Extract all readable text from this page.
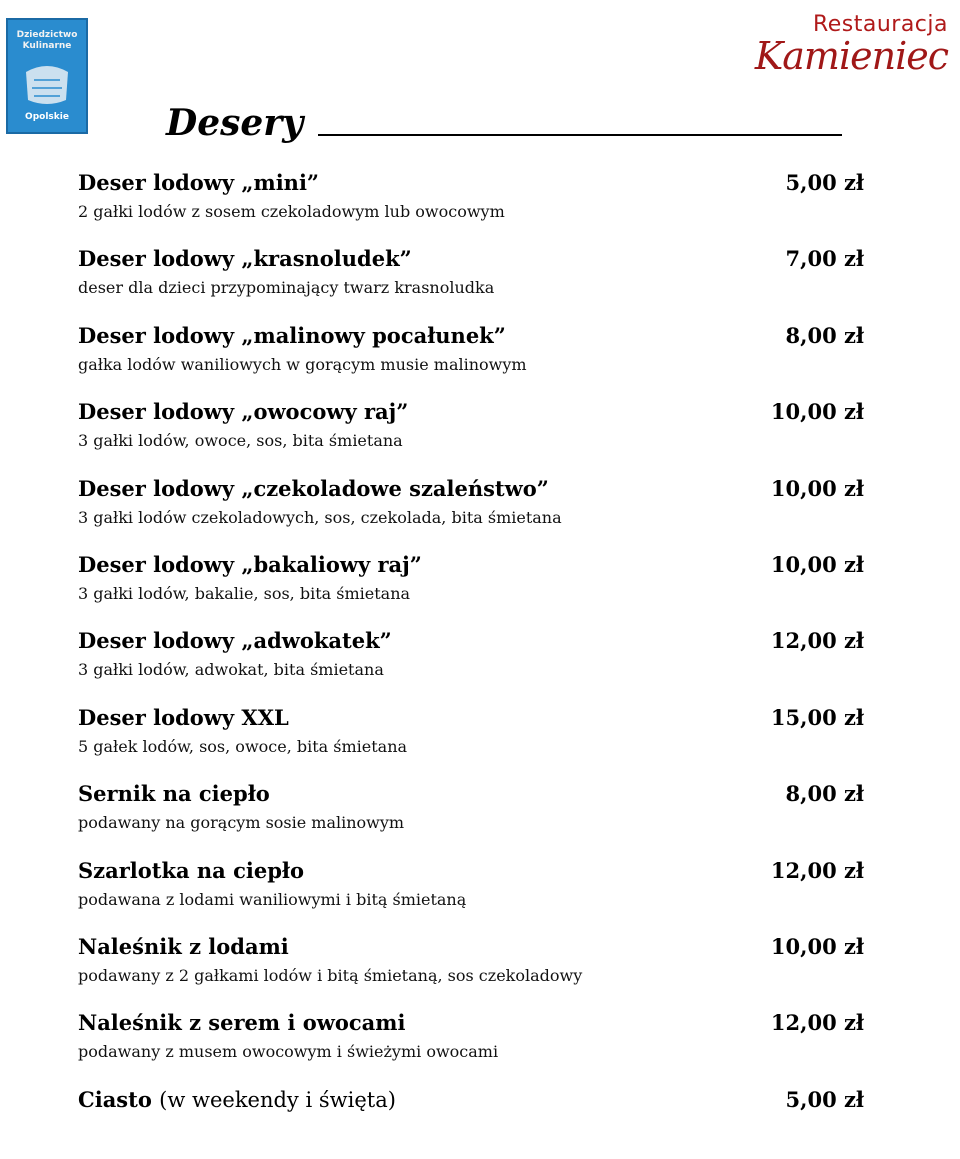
Dziedzictwo
Kulinarne
Opolskie
Restauracja
Kamieniec
Desery
Deser lodowy „mini”
2 gałki lodów z sosem czekoladowym lub owocowym
5,00 zł
Deser lodowy „krasnoludek”
deser dla dzieci przypominający twarz krasnoludka
7,00 zł
Deser lodowy „malinowy pocałunek”
gałka lodów waniliowych w gorącym musie malinowym
8,00 zł
Deser lodowy „owocowy raj”
3 gałki lodów, owoce, sos, bita śmietana
10,00 zł
Deser lodowy „czekoladowe szaleństwo”
3 gałki lodów czekoladowych, sos, czekolada, bita śmietana
10,00 zł
Deser lodowy „bakaliowy raj”
3 gałki lodów, bakalie, sos, bita śmietana
10,00 zł
Deser lodowy „adwokatek”
3 gałki lodów, adwokat, bita śmietana
12,00 zł
Deser lodowy XXL
5 gałek lodów, sos, owoce, bita śmietana
15,00 zł
Sernik na ciepło
podawany na gorącym sosie malinowym
8,00 zł
Szarlotka na ciepło
podawana z lodami waniliowymi i bitą śmietaną
12,00 zł
Naleśnik z lodami
podawany z 2 gałkami lodów i bitą śmietaną, sos czekoladowy
10,00 zł
Naleśnik z serem i owocami
podawany z musem owocowym i świeżymi owocami
12,00 zł
Ciasto (w weekendy i święta)	5,00 zł
